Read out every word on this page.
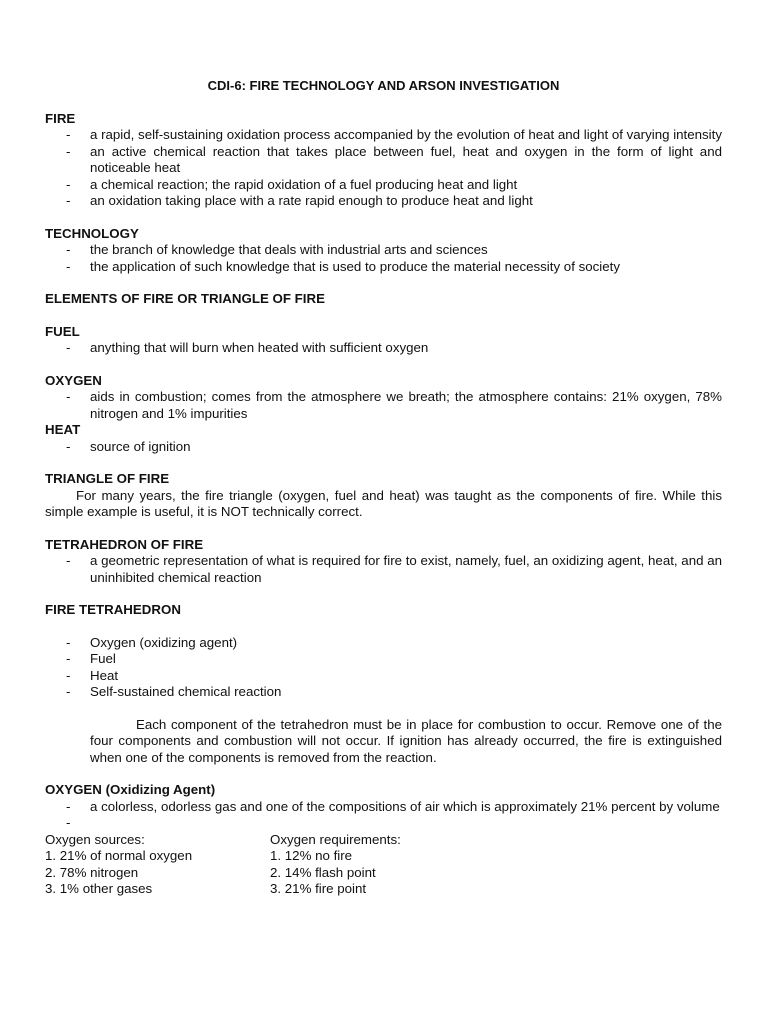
CDI-6: FIRE TECHNOLOGY AND ARSON INVESTIGATION
FIRE
- a rapid, self-sustaining oxidation process accompanied by the evolution of heat and light of varying intensity
- an active chemical reaction that takes place between fuel, heat and oxygen in the form of light and noticeable heat
- a chemical reaction; the rapid oxidation of a fuel producing heat and light
- an oxidation taking place with a rate rapid enough to produce heat and light
TECHNOLOGY
- the branch of knowledge that deals with industrial arts and sciences
- the application of such knowledge that is used to produce the material necessity of society
ELEMENTS OF FIRE OR TRIANGLE OF FIRE
FUEL
- anything that will burn when heated with sufficient oxygen
OXYGEN
- aids in combustion; comes from the atmosphere we breath; the atmosphere contains: 21% oxygen, 78% nitrogen and 1% impurities
HEAT
- source of ignition
TRIANGLE OF FIRE

For many years, the fire triangle (oxygen, fuel and heat) was taught as the components of fire. While this simple example is useful, it is NOT technically correct.

TETRAHEDRON OF FIRE
- a geometric representation of what is required for fire to exist, namely, fuel, an oxidizing agent, heat, and an uninhibited chemical reaction
FIRE TETRAHEDRON
- Oxygen (oxidizing agent)
- Fuel
- Heat
- Self-sustained chemical reaction

Each component of the tetrahedron must be in place for combustion to occur. Remove one of the four components and combustion will not occur. If ignition has already occurred, the fire is extinguished when one of the components is removed from the reaction.

OXYGEN (Oxidizing Agent)
- a colorless, odorless gas and one of the compositions of air which is approximately 21% percent by volume
-
Oxygen sources:
1. 21% of normal oxygen
2. 78% nitrogen
3. 1% other gases
Oxygen requirements:
1. 12% no fire
2. 14% flash point
3. 21% fire point
